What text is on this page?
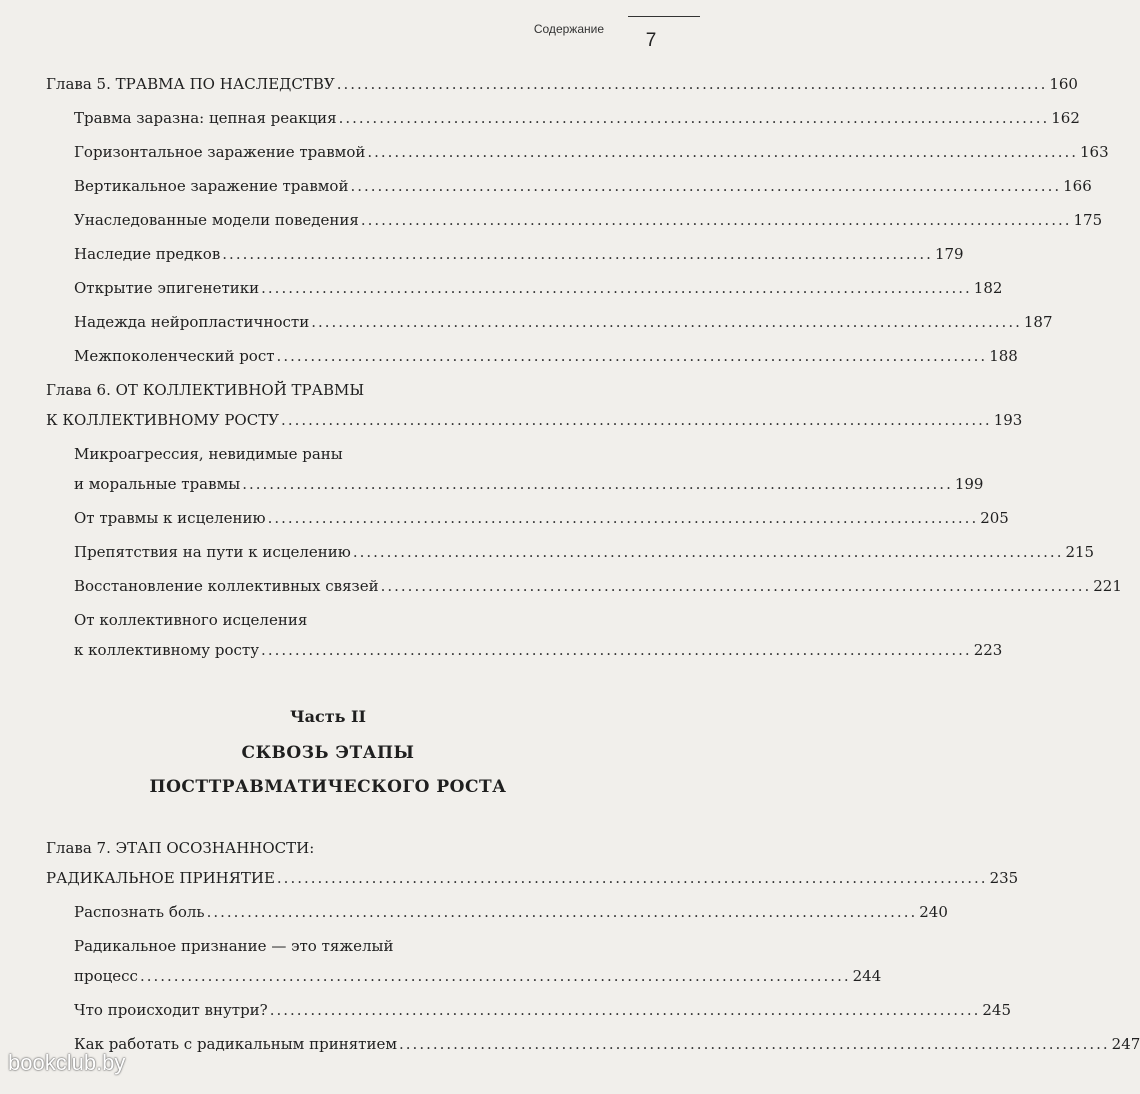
Содержание
7
Глава 5. ТРАВМА ПО НАСЛЕДСТВУ ......................................................................................................... 160
Травма заразна: цепная реакция ......................................................................................................... 162
Горизонтальное заражение травмой ......................................................................................................... 163
Вертикальное заражение травмой ......................................................................................................... 166
Унаследованные модели поведения ......................................................................................................... 175
Наследие предков ......................................................................................................... 179
Открытие эпигенетики ......................................................................................................... 182
Надежда нейропластичности ......................................................................................................... 187
Межпоколенческий рост ......................................................................................................... 188
Глава 6. ОТ КОЛЛЕКТИВНОЙ ТРАВМЫ
К КОЛЛЕКТИВНОМУ РОСТУ ......................................................................................................... 193
Микроагрессия, невидимые раны
и моральные травмы ......................................................................................................... 199
От травмы к исцелению ......................................................................................................... 205
Препятствия на пути к исцелению ......................................................................................................... 215
Восстановление коллективных связей ......................................................................................................... 221
От коллективного исцеления
к коллективному росту ......................................................................................................... 223
Часть II
СКВОЗЬ ЭТАПЫ
ПОСТТРАВМАТИЧЕСКОГО РОСТА
Глава 7. ЭТАП ОСОЗНАННОСТИ:
РАДИКАЛЬНОЕ ПРИНЯТИЕ ......................................................................................................... 235
Распознать боль ......................................................................................................... 240
Радикальное признание — это тяжелый
процесс ......................................................................................................... 244
Что происходит внутри? ......................................................................................................... 245
Как работать с радикальным принятием ......................................................................................................... 247
bookclub.by
